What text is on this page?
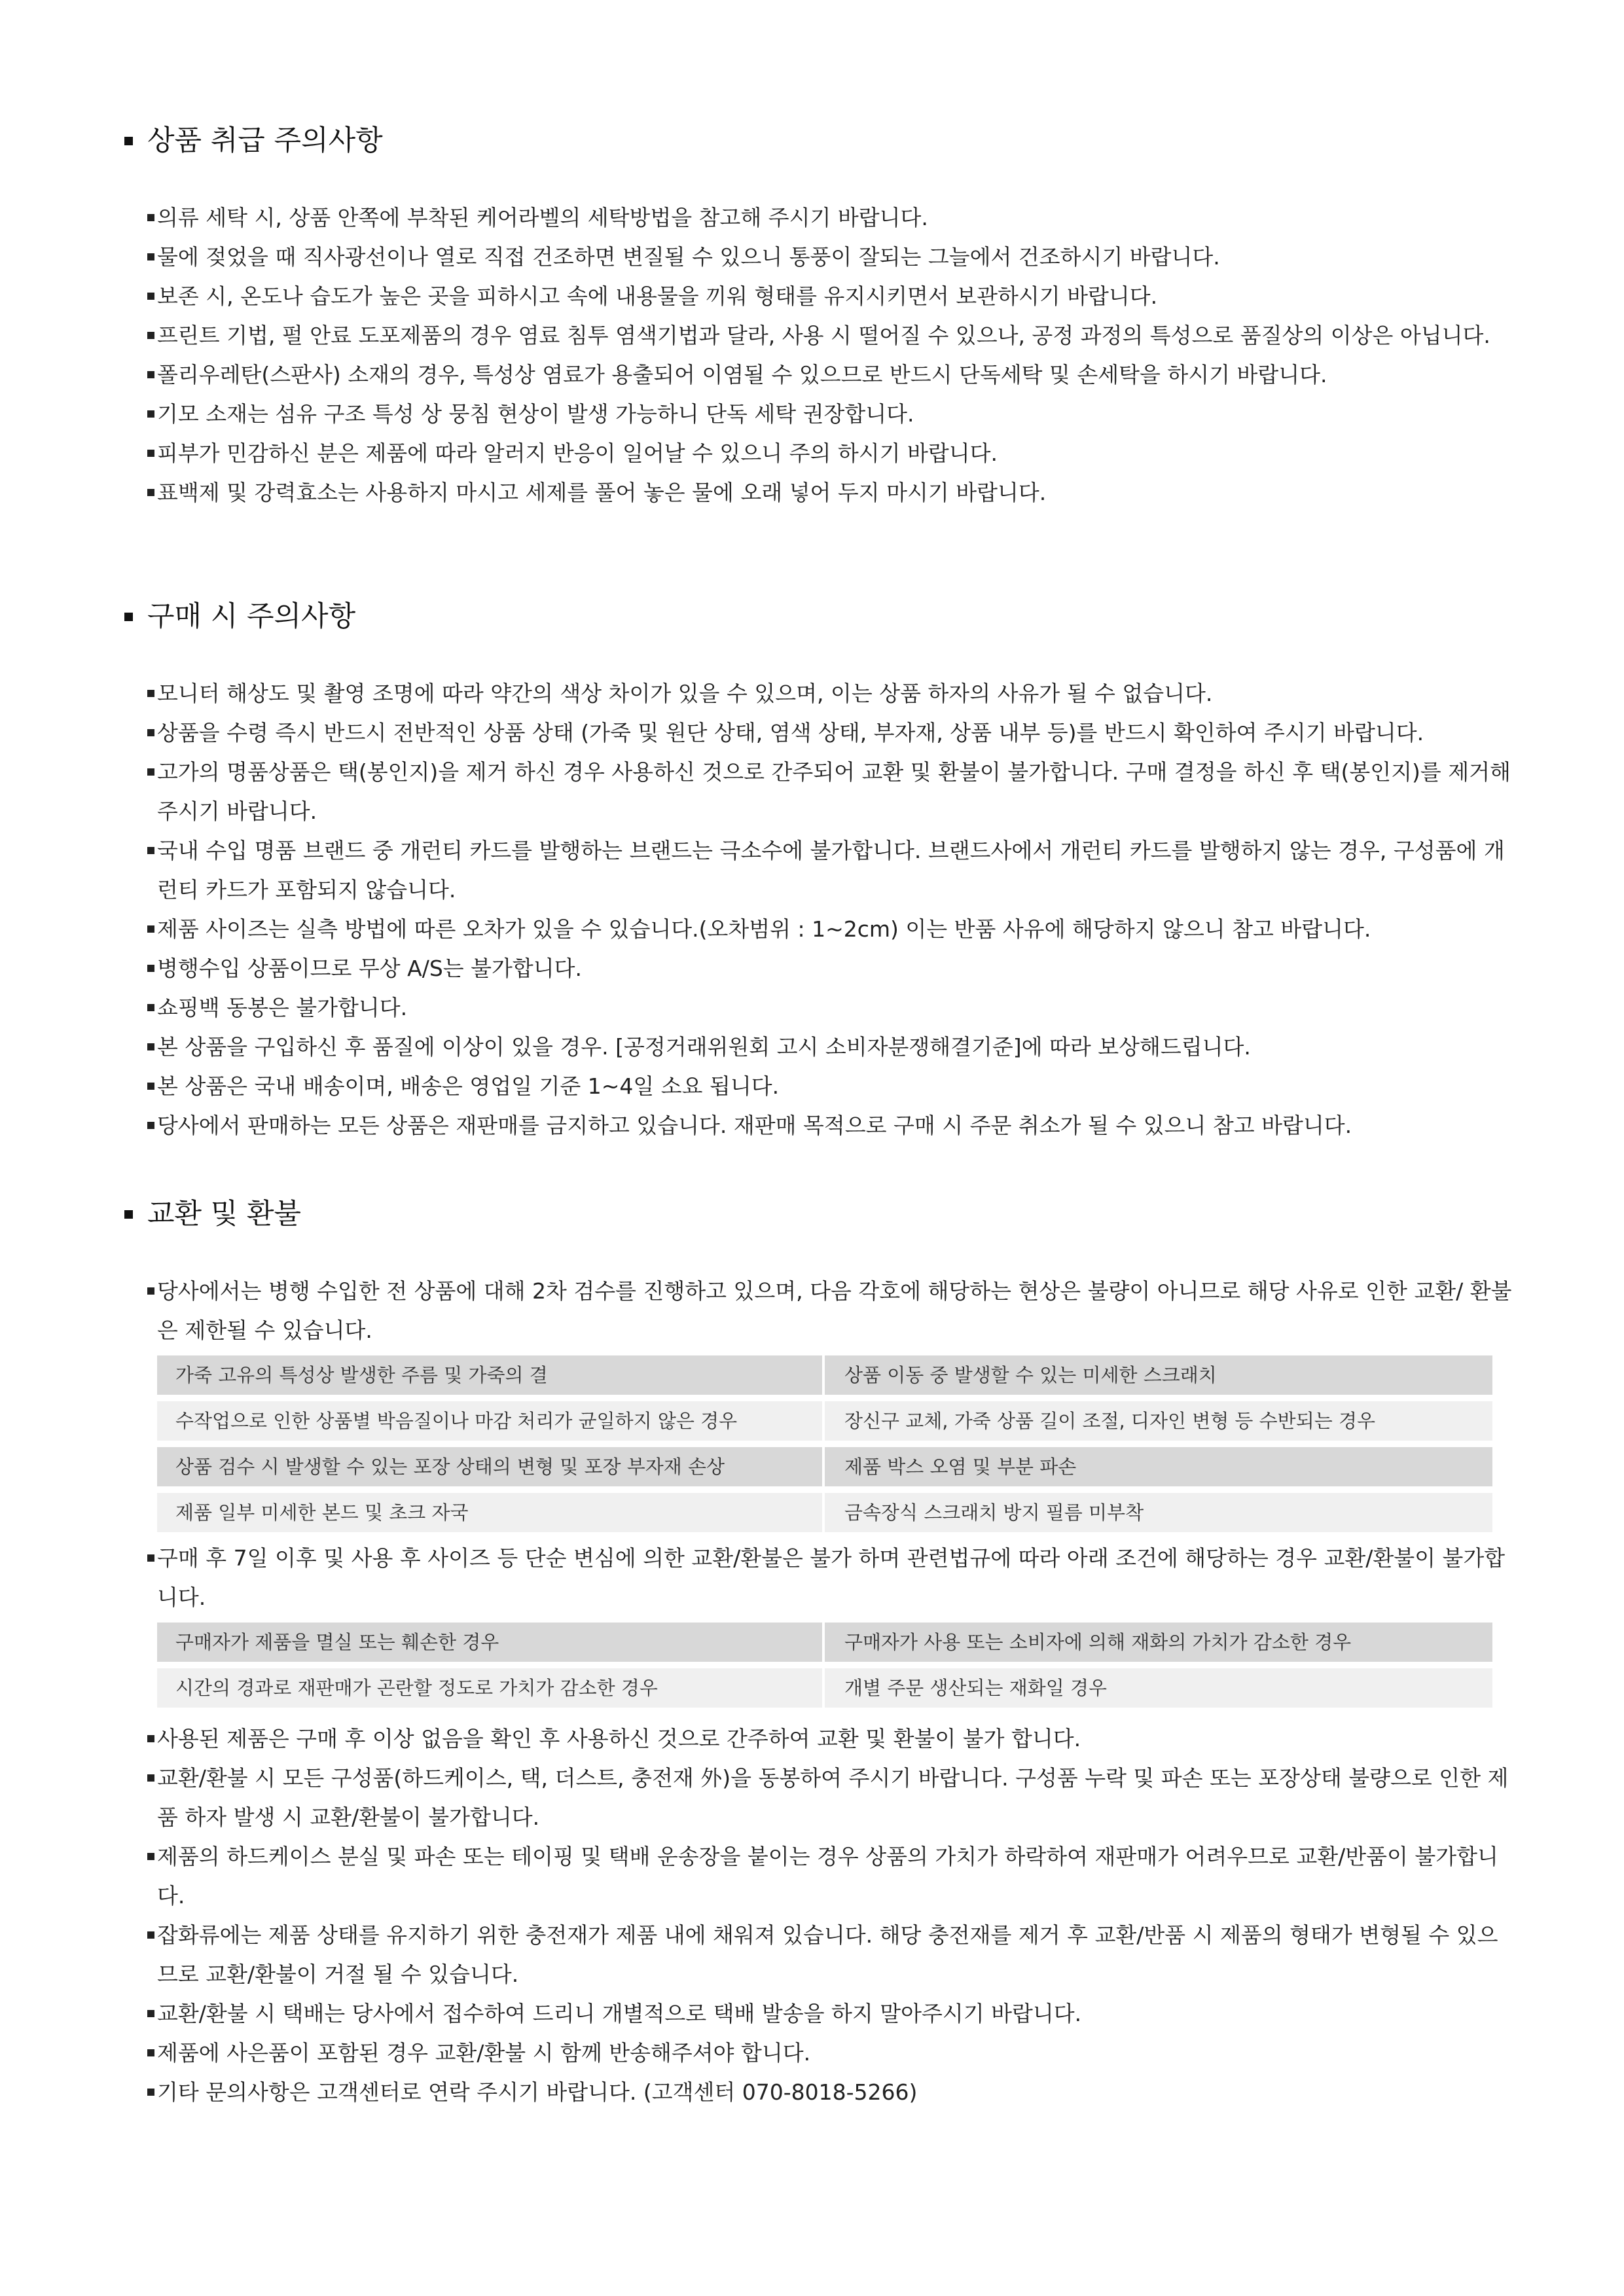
상품 취급 주의사항
의류 세탁 시, 상품 안쪽에 부착된 케어라벨의 세탁방법을 참고해 주시기 바랍니다.
물에 젖었을 때 직사광선이나 열로 직접 건조하면 변질될 수 있으니 통풍이 잘되는 그늘에서 건조하시기 바랍니다.
보존 시, 온도나 습도가 높은 곳을 피하시고 속에 내용물을 끼워 형태를 유지시키면서 보관하시기 바랍니다.
프린트 기법, 펄 안료 도포제품의 경우 염료 침투 염색기법과 달라, 사용 시 떨어질 수 있으나, 공정 과정의 특성으로 품질상의 이상은 아닙니다.
폴리우레탄(스판사) 소재의 경우, 특성상 염료가 용출되어 이염될 수 있으므로 반드시 단독세탁 및 손세탁을 하시기 바랍니다.
기모 소재는 섬유 구조 특성 상 뭉침 현상이 발생 가능하니 단독 세탁 권장합니다.
피부가 민감하신 분은 제품에 따라 알러지 반응이 일어날 수 있으니 주의 하시기 바랍니다.
표백제 및 강력효소는 사용하지 마시고 세제를 풀어 놓은 물에 오래 넣어 두지 마시기 바랍니다.
구매 시 주의사항
모니터 해상도 및 촬영 조명에 따라 약간의 색상 차이가 있을 수 있으며, 이는 상품 하자의 사유가 될 수 없습니다.
상품을 수령 즉시 반드시 전반적인 상품 상태 (가죽 및 원단 상태, 염색 상태, 부자재, 상품 내부 등)를 반드시 확인하여 주시기 바랍니다.
고가의 명품상품은 택(봉인지)을 제거 하신 경우 사용하신 것으로 간주되어 교환 및 환불이 불가합니다. 구매 결정을 하신 후 택(봉인지)를 제거해 주시기 바랍니다.
국내 수입 명품 브랜드 중 개런티 카드를 발행하는 브랜드는 극소수에 불가합니다. 브랜드사에서 개런티 카드를 발행하지 않는 경우, 구성품에 개런티 카드가 포함되지 않습니다.
제품 사이즈는 실측 방법에 따른 오차가 있을 수 있습니다.(오차범위 : 1~2cm) 이는 반품 사유에 해당하지 않으니 참고 바랍니다.
병행수입 상품이므로 무상 A/S는 불가합니다.
쇼핑백 동봉은 불가합니다.
본 상품을 구입하신 후 품질에 이상이 있을 경우. [공정거래위원회 고시 소비자분쟁해결기준]에 따라 보상해드립니다.
본 상품은 국내 배송이며, 배송은 영업일 기준 1~4일 소요 됩니다.
당사에서 판매하는 모든 상품은 재판매를 금지하고 있습니다. 재판매 목적으로 구매 시 주문 취소가 될 수 있으니 참고 바랍니다.
교환 및 환불
당사에서는 병행 수입한 전 상품에 대해 2차 검수를 진행하고 있으며, 다음 각호에 해당하는 현상은 불량이 아니므로 해당 사유로 인한 교환/ 환불은 제한될 수 있습니다.
가죽 고유의 특성상 발생한 주름 및 가죽의 결	상품 이동 중 발생할 수 있는 미세한 스크래치
수작업으로 인한 상품별 박음질이나 마감 처리가 균일하지 않은 경우	장신구 교체, 가죽 상품 길이 조절, 디자인 변형 등 수반되는 경우
상품 검수 시 발생할 수 있는 포장 상태의 변형 및 포장 부자재 손상	제품 박스 오염 및 부분 파손
제품 일부 미세한 본드 및 초크 자국	금속장식 스크래치 방지 필름 미부착
구매 후 7일 이후 및 사용 후 사이즈 등 단순 변심에 의한 교환/환불은 불가 하며 관련법규에 따라 아래 조건에 해당하는 경우 교환/환불이 불가합니다.
구매자가 제품을 멸실 또는 훼손한 경우	구매자가 사용 또는 소비자에 의해 재화의 가치가 감소한 경우
시간의 경과로 재판매가 곤란할 정도로 가치가 감소한 경우	개별 주문 생산되는 재화일 경우
사용된 제품은 구매 후 이상 없음을 확인 후 사용하신 것으로 간주하여 교환 및 환불이 불가 합니다.
교환/환불 시 모든 구성품(하드케이스, 택, 더스트, 충전재 外)을 동봉하여 주시기 바랍니다. 구성품 누락 및 파손 또는 포장상태 불량으로 인한 제품 하자 발생 시 교환/환불이 불가합니다.
제품의 하드케이스 분실 및 파손 또는 테이핑 및 택배 운송장을 붙이는 경우 상품의 가치가 하락하여 재판매가 어려우므로 교환/반품이 불가합니다.
잡화류에는 제품 상태를 유지하기 위한 충전재가 제품 내에 채워져 있습니다. 해당 충전재를 제거 후 교환/반품 시 제품의 형태가 변형될 수 있으므로 교환/환불이 거절 될 수 있습니다.
교환/환불 시 택배는 당사에서 접수하여 드리니 개별적으로 택배 발송을 하지 말아주시기 바랍니다.
제품에 사은품이 포함된 경우 교환/환불 시 함께 반송해주셔야 합니다.
기타 문의사항은 고객센터로 연락 주시기 바랍니다. (고객센터 070-8018-5266)
